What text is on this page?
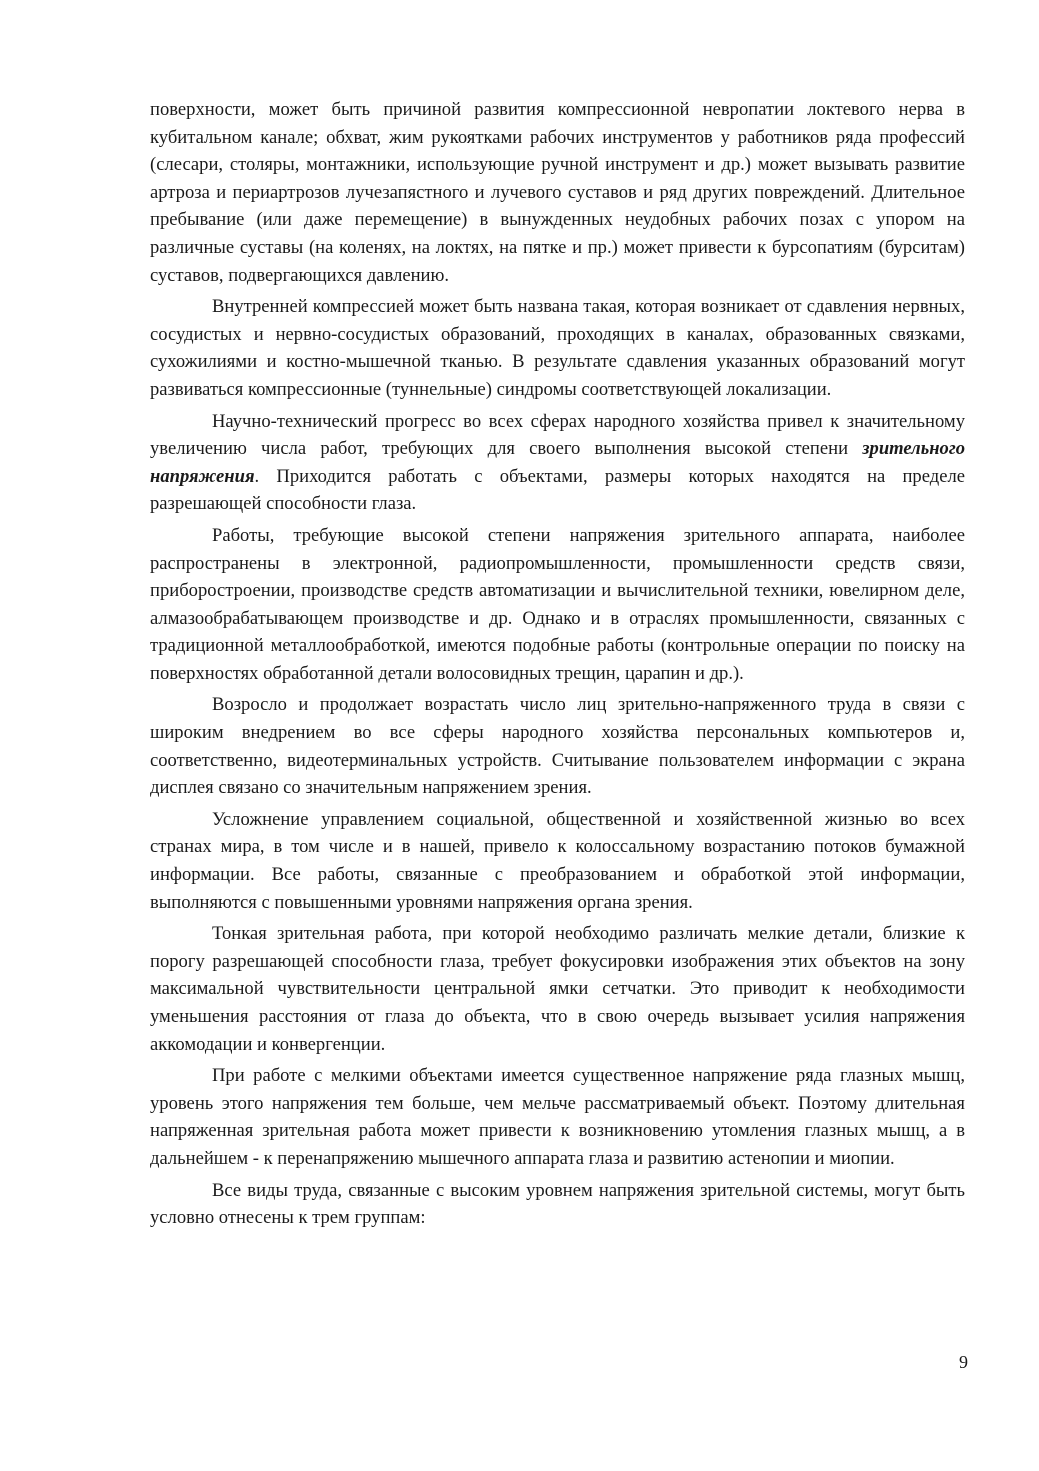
поверхности, может быть причиной развития компрессионной невропатии локтевого нерва в кубитальном канале; обхват, жим рукоятками рабочих инструментов у работников ряда профессий (слесари, столяры, монтажники, использующие ручной инструмент и др.) может вызывать развитие артроза и периартрозов лучезапястного и лучевого суставов и ряд других повреждений. Длительное пребывание (или даже перемещение) в вынужденных неудобных рабочих позах с упором на различные суставы (на коленях, на локтях, на пятке и пр.) может привести к бурсопатиям (бурситам) суставов, подвергающихся давлению.

Внутренней компрессией может быть названа такая, которая возникает от сдавления нервных, сосудистых и нервно-сосудистых образований, проходящих в каналах, образованных связками, сухожилиями и костно-мышечной тканью. В результате сдавления указанных образований могут развиваться компрессионные (туннельные) синдромы соответствующей локализации.

Научно-технический прогресс во всех сферах народного хозяйства привел к значительному увеличению числа работ, требующих для своего выполнения высокой степени зрительного напряжения. Приходится работать с объектами, размеры которых находятся на пределе разрешающей способности глаза.

Работы, требующие высокой степени напряжения зрительного аппарата, наиболее распространены в электронной, радиопромышленности, промышленности средств связи, приборостроении, производстве средств автоматизации и вычислительной техники, ювелирном деле, алмазообрабатывающем производстве и др. Однако и в отраслях промышленности, связанных с традиционной металлообработкой, имеются подобные работы (контрольные операции по поиску на поверхностях обработанной детали волосовидных трещин, царапин и др.).

Возросло и продолжает возрастать число лиц зрительно-напряженного труда в связи с широким внедрением во все сферы народного хозяйства персональных компьютеров и, соответственно, видеотерминальных устройств. Считывание пользователем информации с экрана дисплея связано со значительным напряжением зрения.

Усложнение управлением социальной, общественной и хозяйственной жизнью во всех странах мира, в том числе и в нашей, привело к колоссальному возрастанию потоков бумажной информации. Все работы, связанные с преобразованием и обработкой этой информации, выполняются с повышенными уровнями напряжения органа зрения.

Тонкая зрительная работа, при которой необходимо различать мелкие детали, близкие к порогу разрешающей способности глаза, требует фокусировки изображения этих объектов на зону максимальной чувствительности центральной ямки сетчатки. Это приводит к необходимости уменьшения расстояния от глаза до объекта, что в свою очередь вызывает усилия напряжения аккомодации и конвергенции.

При работе с мелкими объектами имеется существенное напряжение ряда глазных мышц, уровень этого напряжения тем больше, чем мельче рассматриваемый объект. Поэтому длительная напряженная зрительная работа может привести к возникновению утомления глазных мышц, а в дальнейшем - к перенапряжению мышечного аппарата глаза и развитию астенопии и миопии.

Все виды труда, связанные с высоким уровнем напряжения зрительной системы, могут быть условно отнесены к трем группам:

9
